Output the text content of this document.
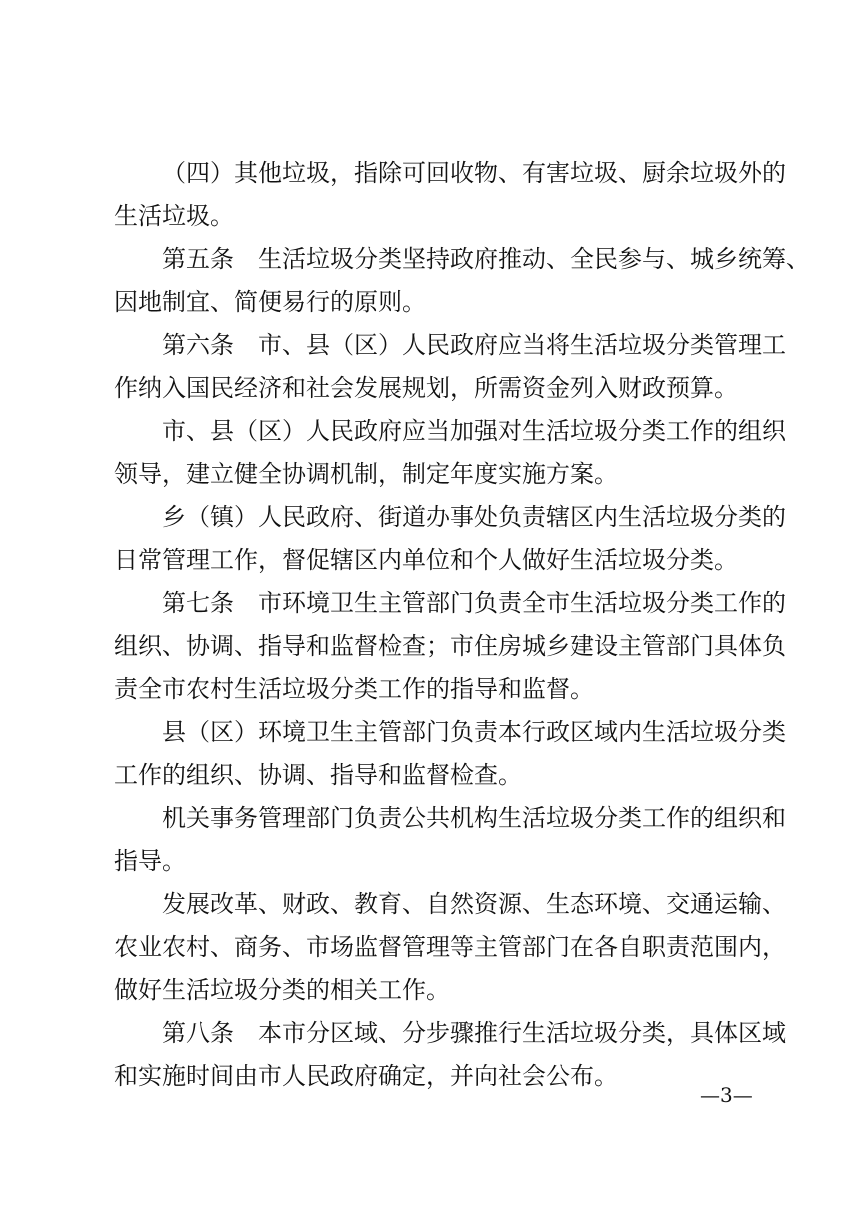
（四）其他垃圾，指除可回收物、有害垃圾、厨余垃圾外的
生活垃圾。
第五条　生活垃圾分类坚持政府推动、全民参与、城乡统筹、
因地制宜、简便易行的原则。
第六条　市、县（区）人民政府应当将生活垃圾分类管理工
作纳入国民经济和社会发展规划，所需资金列入财政预算。
市、县（区）人民政府应当加强对生活垃圾分类工作的组织
领导，建立健全协调机制，制定年度实施方案。
乡（镇）人民政府、街道办事处负责辖区内生活垃圾分类的
日常管理工作，督促辖区内单位和个人做好生活垃圾分类。
第七条　市环境卫生主管部门负责全市生活垃圾分类工作的
组织、协调、指导和监督检查；市住房城乡建设主管部门具体负
责全市农村生活垃圾分类工作的指导和监督。
县（区）环境卫生主管部门负责本行政区域内生活垃圾分类
工作的组织、协调、指导和监督检查。
机关事务管理部门负责公共机构生活垃圾分类工作的组织和
指导。
发展改革、财政、教育、自然资源、生态环境、交通运输、
农业农村、商务、市场监督管理等主管部门在各自职责范围内，
做好生活垃圾分类的相关工作。
第八条　本市分区域、分步骤推行生活垃圾分类，具体区域
和实施时间由市人民政府确定，并向社会公布。
—3—
